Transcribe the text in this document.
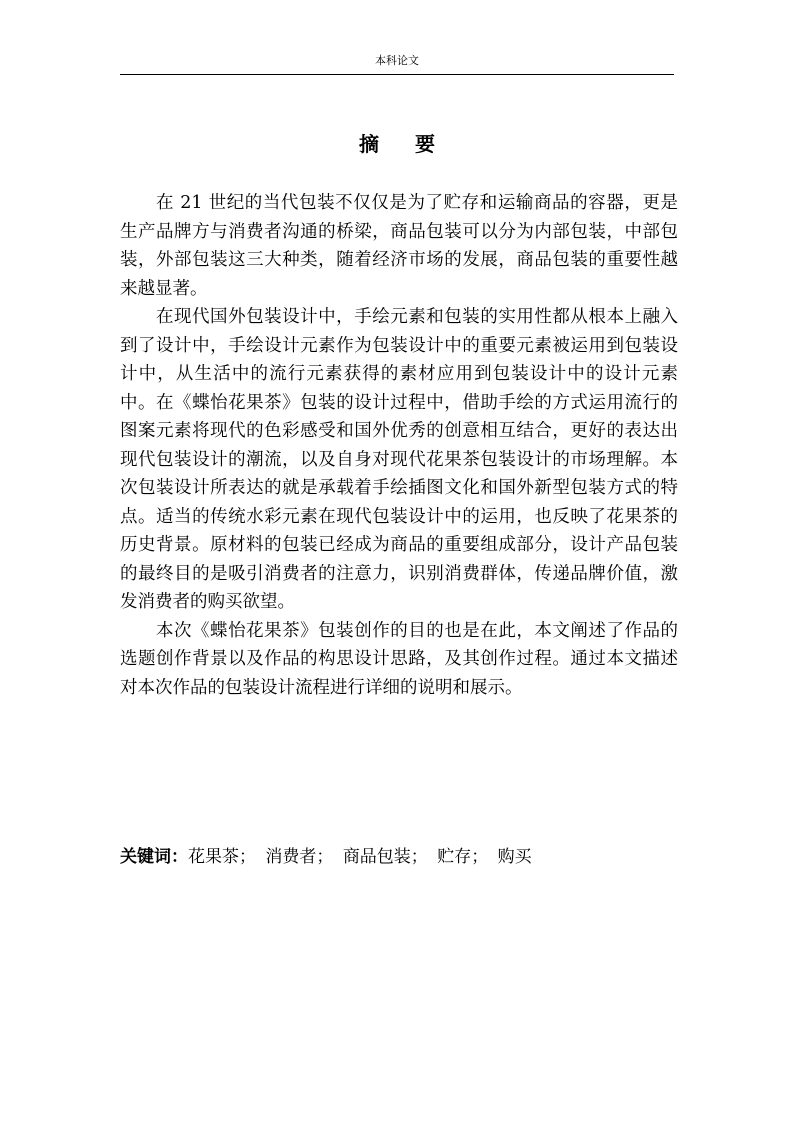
本科论文
摘要

在 21 世纪的当代包装不仅仅是为了贮存和运输商品的容器，更是生产品牌方与消费者沟通的桥梁，商品包装可以分为内部包装，中部包装，外部包装这三大种类，随着经济市场的发展，商品包装的重要性越来越显著。

在现代国外包装设计中，手绘元素和包装的实用性都从根本上融入到了设计中，手绘设计元素作为包装设计中的重要元素被运用到包装设计中，从生活中的流行元素获得的素材应用到包装设计中的设计元素中。在《蝶怡花果茶》包装的设计过程中，借助手绘的方式运用流行的图案元素将现代的色彩感受和国外优秀的创意相互结合，更好的表达出现代包装设计的潮流，以及自身对现代花果茶包装设计的市场理解。本次包装设计所表达的就是承载着手绘插图文化和国外新型包装方式的特点。适当的传统水彩元素在现代包装设计中的运用，也反映了花果茶的历史背景。原材料的包装已经成为商品的重要组成部分，设计产品包装的最终目的是吸引消费者的注意力，识别消费群体，传递品牌价值，激发消费者的购买欲望。

本次《蝶怡花果茶》包装创作的目的也是在此，本文阐述了作品的选题创作背景以及作品的构思设计思路，及其创作过程。通过本文描述对本次作品的包装设计流程进行详细的说明和展示。

关键词：花果茶； 消费者； 商品包装； 贮存； 购买
